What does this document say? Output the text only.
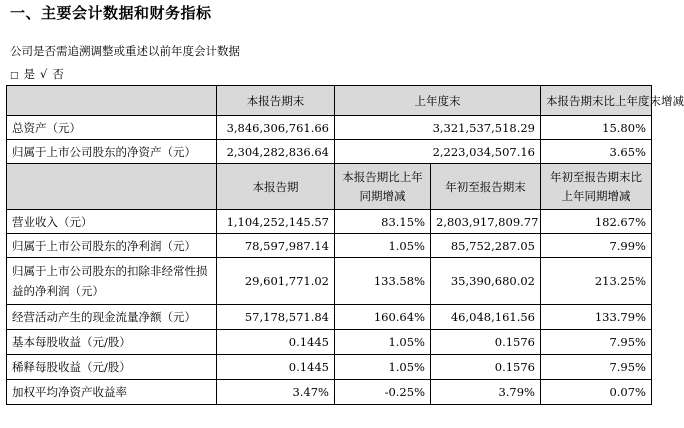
一、主要会计数据和财务指标
公司是否需追溯调整或重述以前年度会计数据
□ 是 √ 否
	本报告期末	上年度末		本报告期末比上年度末增减
总资产（元）	3,846,306,761.66	3,321,537,518.29		15.80%
归属于上市公司股东的净资产（元）	2,304,282,836.64	2,223,034,507.16		3.65%
	本报告期	本报告期比上年同期增减	年初至报告期末	年初至报告期末比上年同期增减
营业收入（元）	1,104,252,145.57	83.15%	2,803,917,809.77	182.67%
归属于上市公司股东的净利润（元）	78,597,987.14	1.05%	85,752,287.05	7.99%
归属于上市公司股东的扣除非经常性损益的净利润（元）	29,601,771.02	133.58%	35,390,680.02	213.25%
经营活动产生的现金流量净额（元）	57,178,571.84	160.64%	46,048,161.56	133.79%
基本每股收益（元/股）	0.1445	1.05%	0.1576	7.95%
稀释每股收益（元/股）	0.1445	1.05%	0.1576	7.95%
加权平均净资产收益率	3.47%	-0.25%	3.79%	0.07%
